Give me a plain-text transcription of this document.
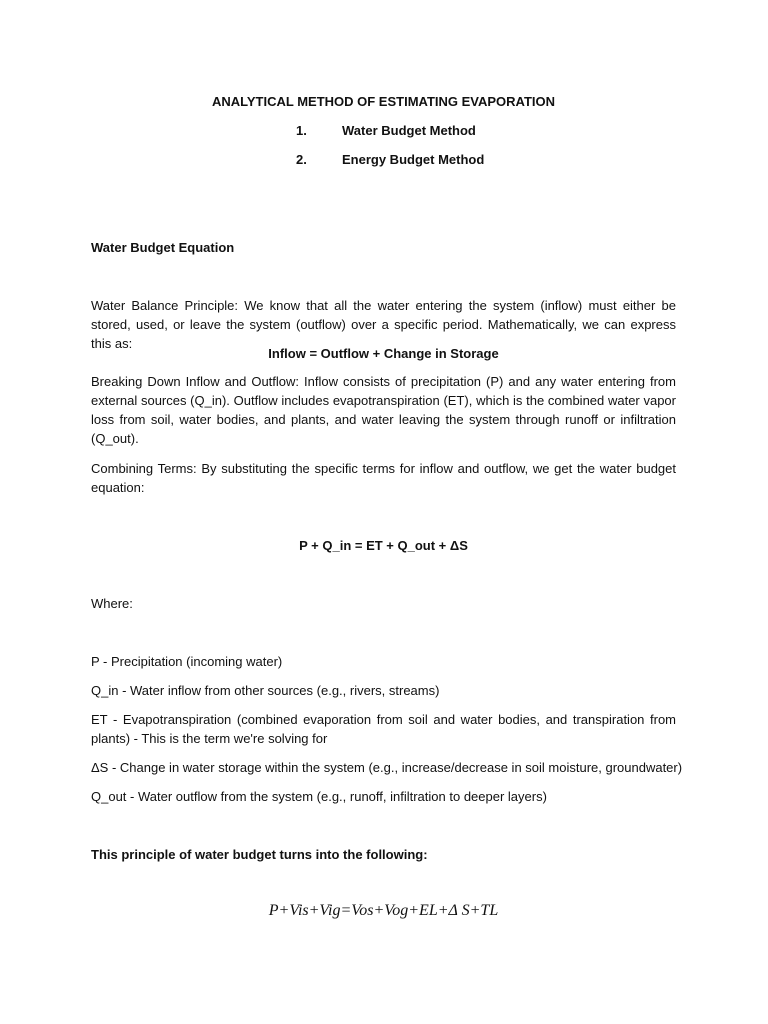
ANALYTICAL METHOD OF ESTIMATING EVAPORATION
1.	Water Budget Method
2.	Energy Budget Method
Water Budget Equation

Water Balance Principle: We know that all the water entering the system (inflow) must either be stored, used, or leave the system (outflow) over a specific period. Mathematically, we can express this as:

Inflow = Outflow + Change in Storage

Breaking Down Inflow and Outflow: Inflow consists of precipitation (P) and any water entering from external sources (Q_in). Outflow includes evapotranspiration (ET), which is the combined water vapor loss from soil, water bodies, and plants, and water leaving the system through runoff or infiltration (Q_out).

Combining Terms: By substituting the specific terms for inflow and outflow, we get the water budget equation:

P + Q_in = ET + Q_out + ΔS
Where:
P - Precipitation (incoming water)
Q_in - Water inflow from other sources (e.g., rivers, streams)

ET - Evapotranspiration (combined evaporation from soil and water bodies, and transpiration from plants) - This is the term we're solving for

ΔS - Change in water storage within the system (e.g., increase/decrease in soil moisture, groundwater)
Q_out - Water outflow from the system (e.g., runoff, infiltration to deeper layers)
This principle of water budget turns into the following:
P+Vis+Vig=Vos+Vog+EL+Δ S+TL
